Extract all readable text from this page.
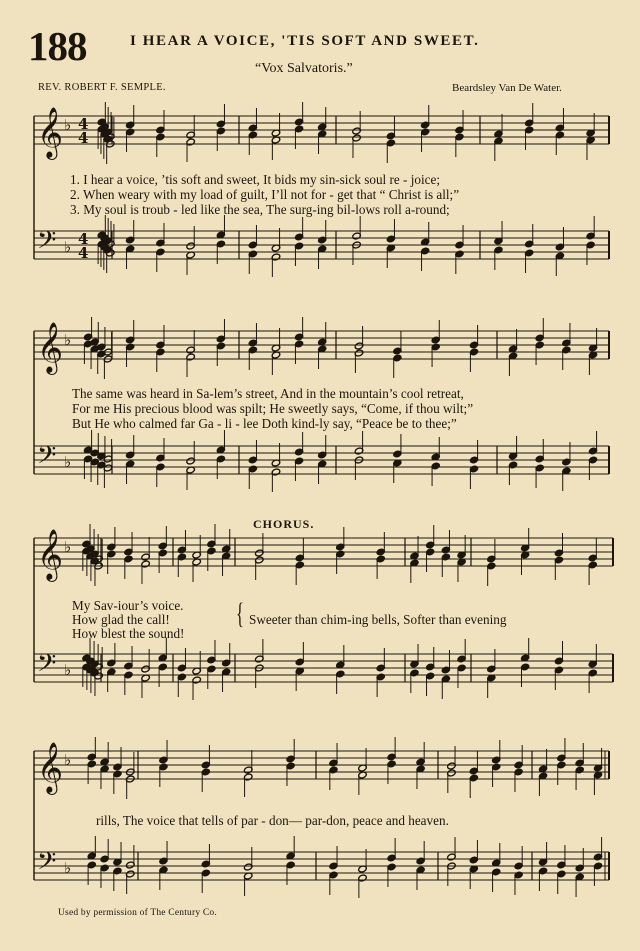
𝄞
𝄢
♭
♭
4
4
4
4
𝄞
𝄢
♭
♭
𝄞
𝄢
♭
♭
𝄞
𝄢
♭
♭
188	I HEAR A VOICE, 'TIS SOFT AND SWEET.
“Vox Salvatoris.”
REV. ROBERT F. SEMPLE.	Beardsley Van De Water.
1. I hear a voice, ’tis soft and sweet, It bids my sin-sick soul re - joice;
2. When weary with my load of guilt, I’ll not for - get that “ Christ is all;”
3. My soul is troub - led like the sea, The surg-ing bil-lows roll a-round;
The same was heard in Sa-lem’s street, And in the mountain’s cool retreat,
For me His precious blood was spilt; He sweetly says, “Come, if thou wilt;”
But He who calmed far Ga - li - lee Doth kind-ly say, “Peace be to thee;”
CHORUS.
My Sav-iour’s voice.
How glad the call!
How blest the sound!
{ Sweeter than chim-ing bells, Softer than evening
rills, The voice that tells of par - don— par-don, peace and heaven.
Used by permission of The Century Co.
